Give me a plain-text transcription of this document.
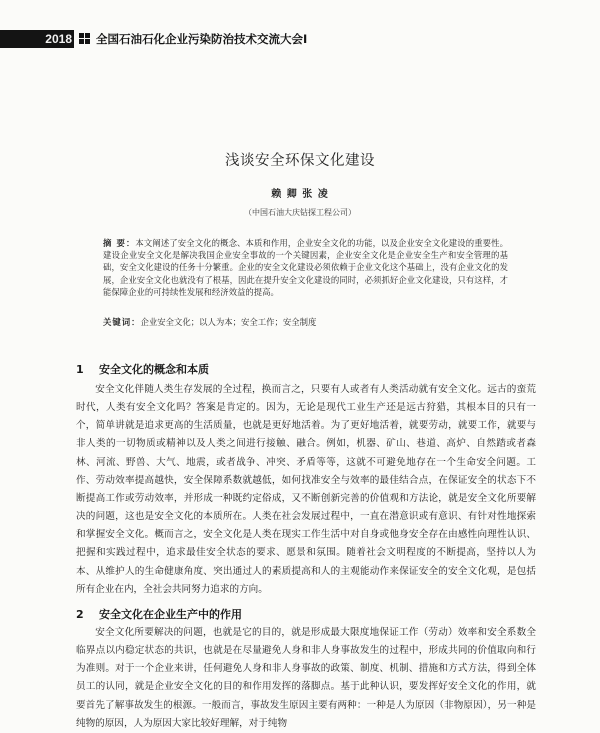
2018 全国石油石化企业污染防治技术交流大会Ⅰ
浅谈安全环保文化建设
赖 卿 张 凌
（中国石油大庆钻探工程公司）

摘 要：本文阐述了安全文化的概念、本质和作用，企业安全文化的功能，以及企业安全文化建设的重要性。建设企业安全文化是解决我国企业安全事故的一个关键因素，企业安全文化是企业安全生产和安全管理的基础，安全文化建设的任务十分繁重。企业的安全文化建设必须依赖于企业文化这个基础上，没有企业文化的发展，企业安全文化也就没有了根基，因此在提升安全文化建设的同时，必须抓好企业文化建设，只有这样，才能保障企业的可持续性发展和经济效益的提高。

关键词：企业安全文化；以人为本；安全工作；安全制度

1 安全文化的概念和本质

安全文化伴随人类生存发展的全过程，换而言之，只要有人或者有人类活动就有安全文化。远古的蛮荒时代，人类有安全文化吗？答案是肯定的。因为，无论是现代工业生产还是远古狩猎，其根本目的只有一个，简单讲就是追求更高的生活质量，也就是更好地活着。为了更好地活着，就要劳动，就要工作，就要与非人类的一切物质或精神以及人类之间进行接触、融合。例如，机器、矿山、巷道、高炉、自然踏或者森林、河流、野兽、大气、地震，或者战争、冲突、矛盾等等，这就不可避免地存在一个生命安全问题。工作、劳动效率提高越快，安全保障系数就越低，如何找准安全与效率的最佳结合点，在保证安全的状态下不断提高工作或劳动效率，并形成一种既约定俗成，又不断创新完善的价值观和方法论，就是安全文化所要解决的问题，这也是安全文化的本质所在。人类在社会发展过程中，一直在潜意识或有意识、有针对性地探索和掌握安全文化。概而言之，安全文化是人类在现实工作生活中对自身或他身安全存在由感性向理性认识、把握和实践过程中，追求最佳安全状态的要求、愿景和氛围。随着社会文明程度的不断提高，坚持以人为本、从维护人的生命健康角度、突出通过人的素质提高和人的主观能动作来保证安全的安全文化观，是包括所有企业在内，全社会共同努力追求的方向。

2 安全文化在企业生产中的作用

安全文化所要解决的问题，也就是它的目的，就是形成最大限度地保证工作（劳动）效率和安全系数全临界点以内稳定状态的共识，也就是在尽量避免人身和非人身事故发生的过程中，形成共同的价值取向和行为准则。对于一个企业来讲，任何避免人身和非人身事故的政策、制度、机制、措施和方式方法，得到全体员工的认同，就是企业安全文化的目的和作用发挥的落脚点。基于此种认识，要发挥好安全文化的作用，就要首先了解事故发生的根源。一般而言，事故发生原因主要有两种：一种是人为原因（非物原因），另一种是纯物的原因，人为原因大家比较好理解，对于纯物
